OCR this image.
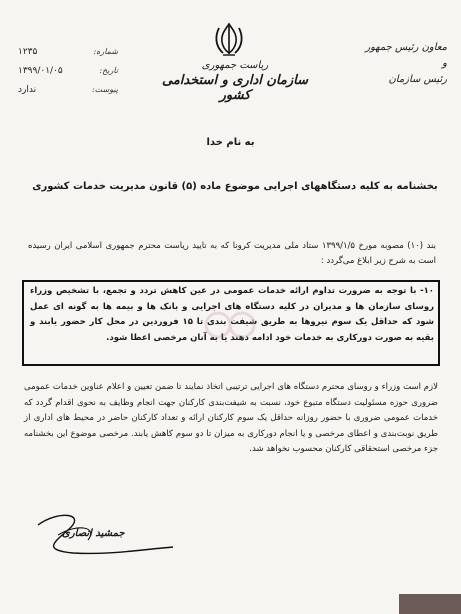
معاون رئیس جمهور
و
رئیس سازمان
ریاست جمهوری
سازمان اداری و استخدامی کشور
شماره:
۱۲۳۵
تاریخ:
۱۳۹۹/۰۱/۰۵
پیوست:
ندارد
به نام خدا
بخشنامه به کلیه دستگاههای اجرایی موضوع ماده (۵) قانون مدیریت خدمات کشوری
بند (۱۰) مصوبه مورخ ۱۳۹۹/۱/۵ ستاد ملی مدیریت کرونا که به تایید ریاست محترم جمهوری اسلامی ایران رسیده است به شرح زیر ابلاغ می‌گردد :
۱۰- با توجه به ضرورت تداوم ارائه خدمات عمومی در عین کاهش تردد و تجمع، با تشخیص وزراء روسای سازمان ها و مدیران در کلیه دستگاه های اجرایی و بانک ها و بیمه ها به گونه ای عمل شود که حداقل یک سوم نیروها به طریق شیفت بندی تا ۱۵ فروردین در محل کار حضور یابند و بقیه به صورت دورکاری به خدمات خود ادامه دهند یا به آنان مرخصی اعطا شود.
لازم است وزراء و روسای محترم دستگاه های اجرایی ترتیبی اتخاذ نمایند تا ضمن تعیین و اعلام عناوین خدمات عمومی ضروری حوزه مسئولیت دستگاه متبوع خود، نسبت به شیفت‌بندی کارکنان جهت انجام وظایف به نحوی اقدام گردد که خدمات عمومی ضروری با حضور روزانه حداقل یک سوم کارکنان ارائه و تعداد کارکنان حاضر در محیط های اداری از طریق نوبت‌بندی و اعطای مرخصی و یا انجام دورکاری به میزان تا دو سوم کاهش یابند. مرخصی موضوع این بخشنامه جزء مرخصی استحقاقی کارکنان محسوب نخواهد شد.
جمشید انصاری
